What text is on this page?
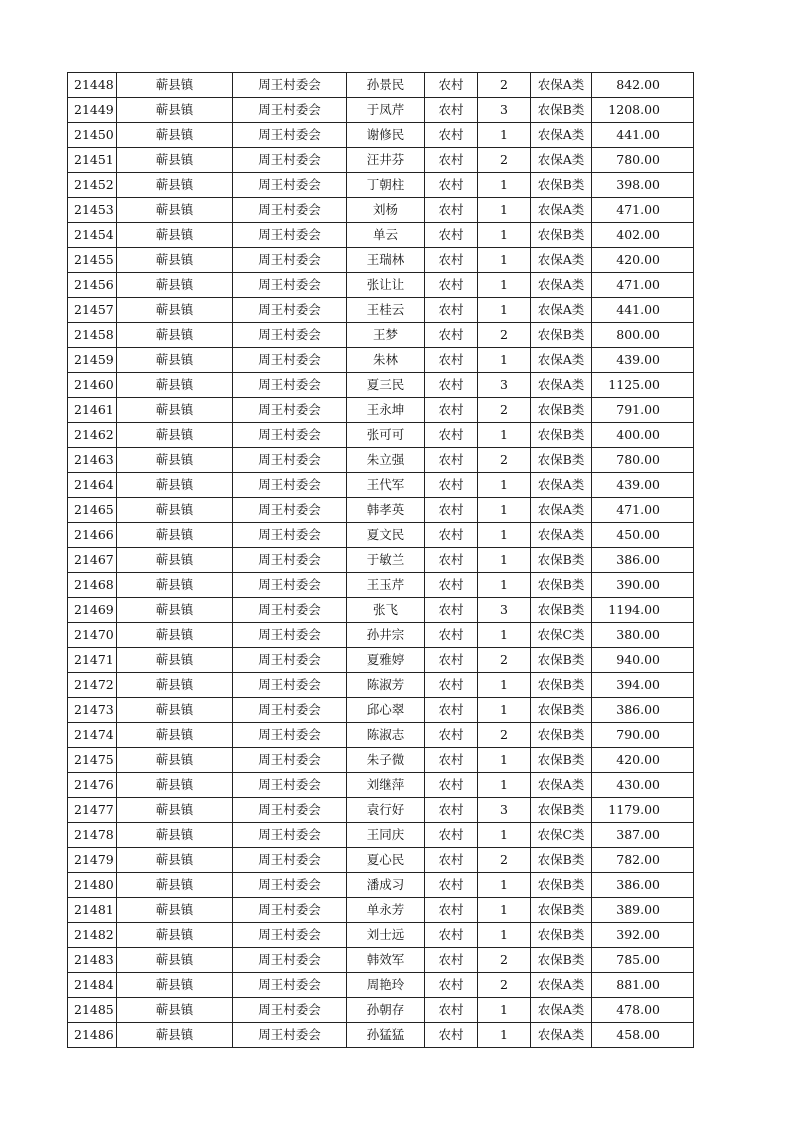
21448	蕲县镇	周王村委会	孙景民	农村	2	农保A类	842.00
21449	蕲县镇	周王村委会	于凤芹	农村	3	农保B类	1208.00
21450	蕲县镇	周王村委会	谢修民	农村	1	农保A类	441.00
21451	蕲县镇	周王村委会	汪井芬	农村	2	农保A类	780.00
21452	蕲县镇	周王村委会	丁朝柱	农村	1	农保B类	398.00
21453	蕲县镇	周王村委会	刘杨	农村	1	农保A类	471.00
21454	蕲县镇	周王村委会	单云	农村	1	农保B类	402.00
21455	蕲县镇	周王村委会	王瑞林	农村	1	农保A类	420.00
21456	蕲县镇	周王村委会	张让让	农村	1	农保A类	471.00
21457	蕲县镇	周王村委会	王桂云	农村	1	农保A类	441.00
21458	蕲县镇	周王村委会	王梦	农村	2	农保B类	800.00
21459	蕲县镇	周王村委会	朱林	农村	1	农保A类	439.00
21460	蕲县镇	周王村委会	夏三民	农村	3	农保A类	1125.00
21461	蕲县镇	周王村委会	王永坤	农村	2	农保B类	791.00
21462	蕲县镇	周王村委会	张可可	农村	1	农保B类	400.00
21463	蕲县镇	周王村委会	朱立强	农村	2	农保B类	780.00
21464	蕲县镇	周王村委会	王代军	农村	1	农保A类	439.00
21465	蕲县镇	周王村委会	韩孝英	农村	1	农保A类	471.00
21466	蕲县镇	周王村委会	夏文民	农村	1	农保A类	450.00
21467	蕲县镇	周王村委会	于敏兰	农村	1	农保B类	386.00
21468	蕲县镇	周王村委会	王玉芹	农村	1	农保B类	390.00
21469	蕲县镇	周王村委会	张飞	农村	3	农保B类	1194.00
21470	蕲县镇	周王村委会	孙井宗	农村	1	农保C类	380.00
21471	蕲县镇	周王村委会	夏雅婷	农村	2	农保B类	940.00
21472	蕲县镇	周王村委会	陈淑芳	农村	1	农保B类	394.00
21473	蕲县镇	周王村委会	邱心翠	农村	1	农保B类	386.00
21474	蕲县镇	周王村委会	陈淑志	农村	2	农保B类	790.00
21475	蕲县镇	周王村委会	朱子微	农村	1	农保B类	420.00
21476	蕲县镇	周王村委会	刘继萍	农村	1	农保A类	430.00
21477	蕲县镇	周王村委会	袁行好	农村	3	农保B类	1179.00
21478	蕲县镇	周王村委会	王同庆	农村	1	农保C类	387.00
21479	蕲县镇	周王村委会	夏心民	农村	2	农保B类	782.00
21480	蕲县镇	周王村委会	潘成习	农村	1	农保B类	386.00
21481	蕲县镇	周王村委会	单永芳	农村	1	农保B类	389.00
21482	蕲县镇	周王村委会	刘士远	农村	1	农保B类	392.00
21483	蕲县镇	周王村委会	韩效军	农村	2	农保B类	785.00
21484	蕲县镇	周王村委会	周艳玲	农村	2	农保A类	881.00
21485	蕲县镇	周王村委会	孙朝存	农村	1	农保A类	478.00
21486	蕲县镇	周王村委会	孙猛猛	农村	1	农保A类	458.00
